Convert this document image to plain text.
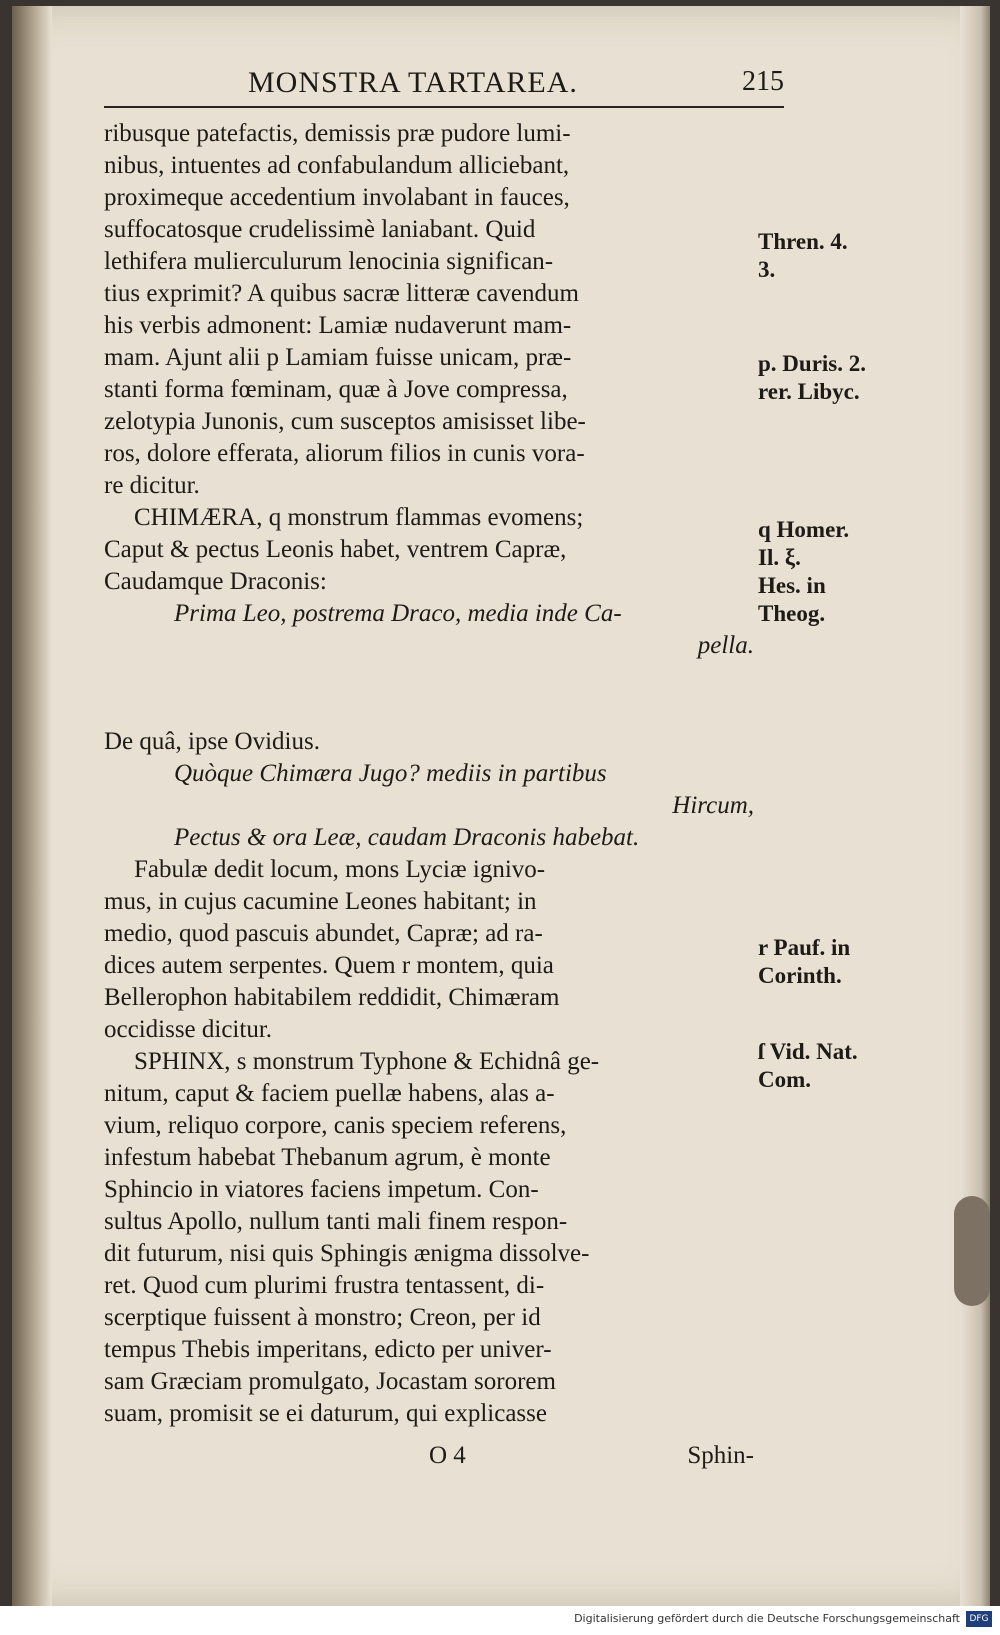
MONSTRA TARTAREA.	215
ribusque patefactis, demissis præ pudore lumi-
nibus, intuentes ad confabulandum alliciebant,
proximeque accedentium involabant in fauces,
suffocatosque crudelissimè laniabant. Quid
lethifera mulierculurum lenocinia significan-
tius exprimit? A quibus sacræ litteræ cavendum
his verbis admonent: Lamiæ nudaverunt mam-
mam. Ajunt alii p Lamiam fuisse unicam, præ-
stanti forma fœminam, quæ à Jove compressa,
zelotypia Junonis, cum susceptos amisisset libe-
ros, dolore efferata, aliorum filios in cunis vora-
re dicitur.
CHIMÆRA, q monstrum flammas evomens;
Caput & pectus Leonis habet, ventrem Capræ,
Caudamque Draconis:
Prima Leo, postrema Draco, media inde Ca-
pella.
De quâ, ipse Ovidius.
Quòque Chimæra Jugo? mediis in partibus
Hircum,
Pectus & ora Leæ, caudam Draconis habebat.
Fabulæ dedit locum, mons Lyciæ ignivo-
mus, in cujus cacumine Leones habitant; in
medio, quod pascuis abundet, Capræ; ad ra-
dices autem serpentes. Quem r montem, quia
Bellerophon habitabilem reddidit, Chimæram
occidisse dicitur.
SPHINX, s monstrum Typhone & Echidnâ ge-
nitum, caput & faciem puellæ habens, alas a-
vium, reliquo corpore, canis speciem referens,
infestum habebat Thebanum agrum, è monte
Sphincio in viatores faciens impetum. Con-
sultus Apollo, nullum tanti mali finem respon-
dit futurum, nisi quis Sphingis ænigma dissolve-
ret. Quod cum plurimi frustra tentassent, di-
scerptique fuissent à monstro; Creon, per id
tempus Thebis imperitans, edicto per univer-
sam Græciam promulgato, Jocastam sororem
suam, promisit se ei daturum, qui explicasse
Thren. 4.
3.
p. Duris. 2.
rer. Libyc.
q Homer.
Il. ξ.
Hes. in
Theog.
r Pauf. in
Corinth.
ſ Vid. Nat.
Com.
O 4	Sphin-
Digitalisierung gefördert durch die Deutsche Forschungsgemeinschaft	DFG
